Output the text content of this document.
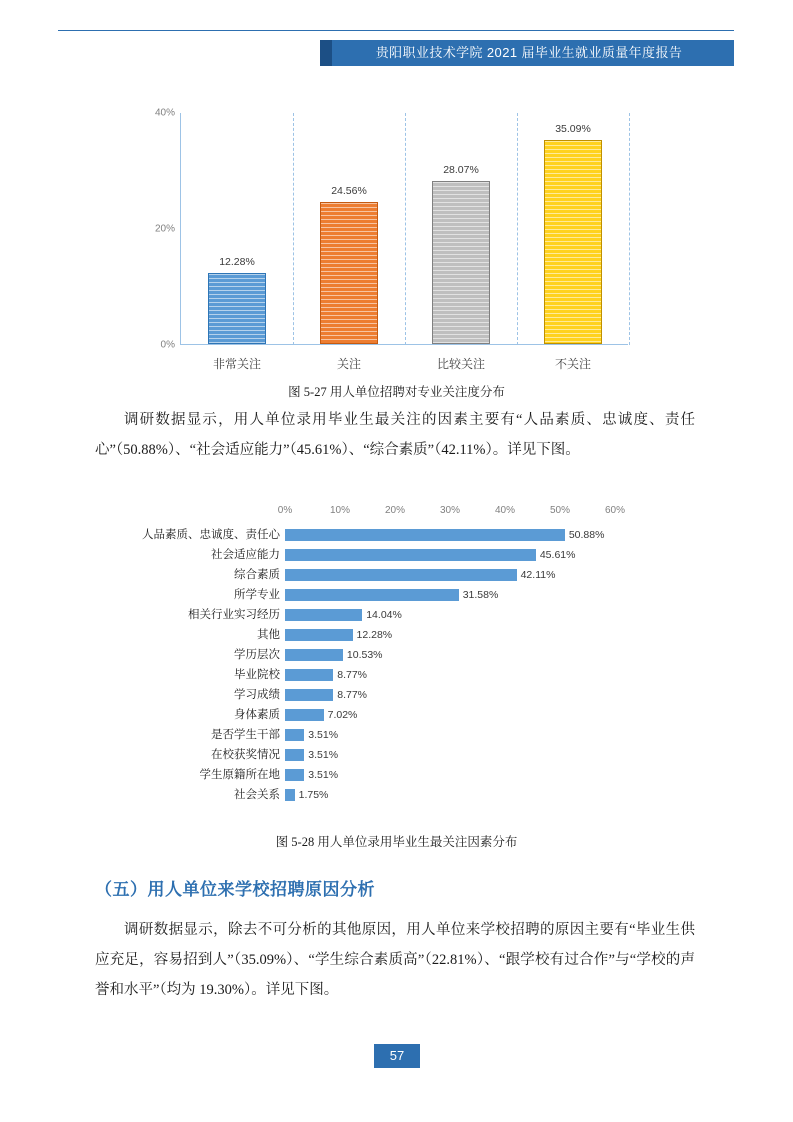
贵阳职业技术学院 2021 届毕业生就业质量年度报告
0%
20%
40%
12.28%
非常关注
24.56%
关注
28.07%
比较关注
35.09%
不关注
图 5-27 用人单位招聘对专业关注度分布
调研数据显示，用人单位录用毕业生最关注的因素主要有“人品素质、忠诚度、责任心”（50.88%）、“社会适应能力”（45.61%）、“综合素质”（42.11%）。详见下图。
0%	10%	20%	30%	40%	50%	60%
人品素质、忠诚度、责任心	50.88%
社会适应能力	45.61%
综合素质	42.11%
所学专业	31.58%
相关行业实习经历	14.04%
其他	12.28%
学历层次	10.53%
毕业院校	8.77%
学习成绩	8.77%
身体素质	7.02%
是否学生干部	3.51%
在校获奖情况	3.51%
学生原籍所在地	3.51%
社会关系 1.75%
图 5-28 用人单位录用毕业生最关注因素分布
（五）用人单位来学校招聘原因分析
调研数据显示，除去不可分析的其他原因，用人单位来学校招聘的原因主要有“毕业生供应充足，容易招到人”（35.09%）、“学生综合素质高”（22.81%）、“跟学校有过合作”与“学校的声誉和水平”（均为 19.30%）。详见下图。
57
